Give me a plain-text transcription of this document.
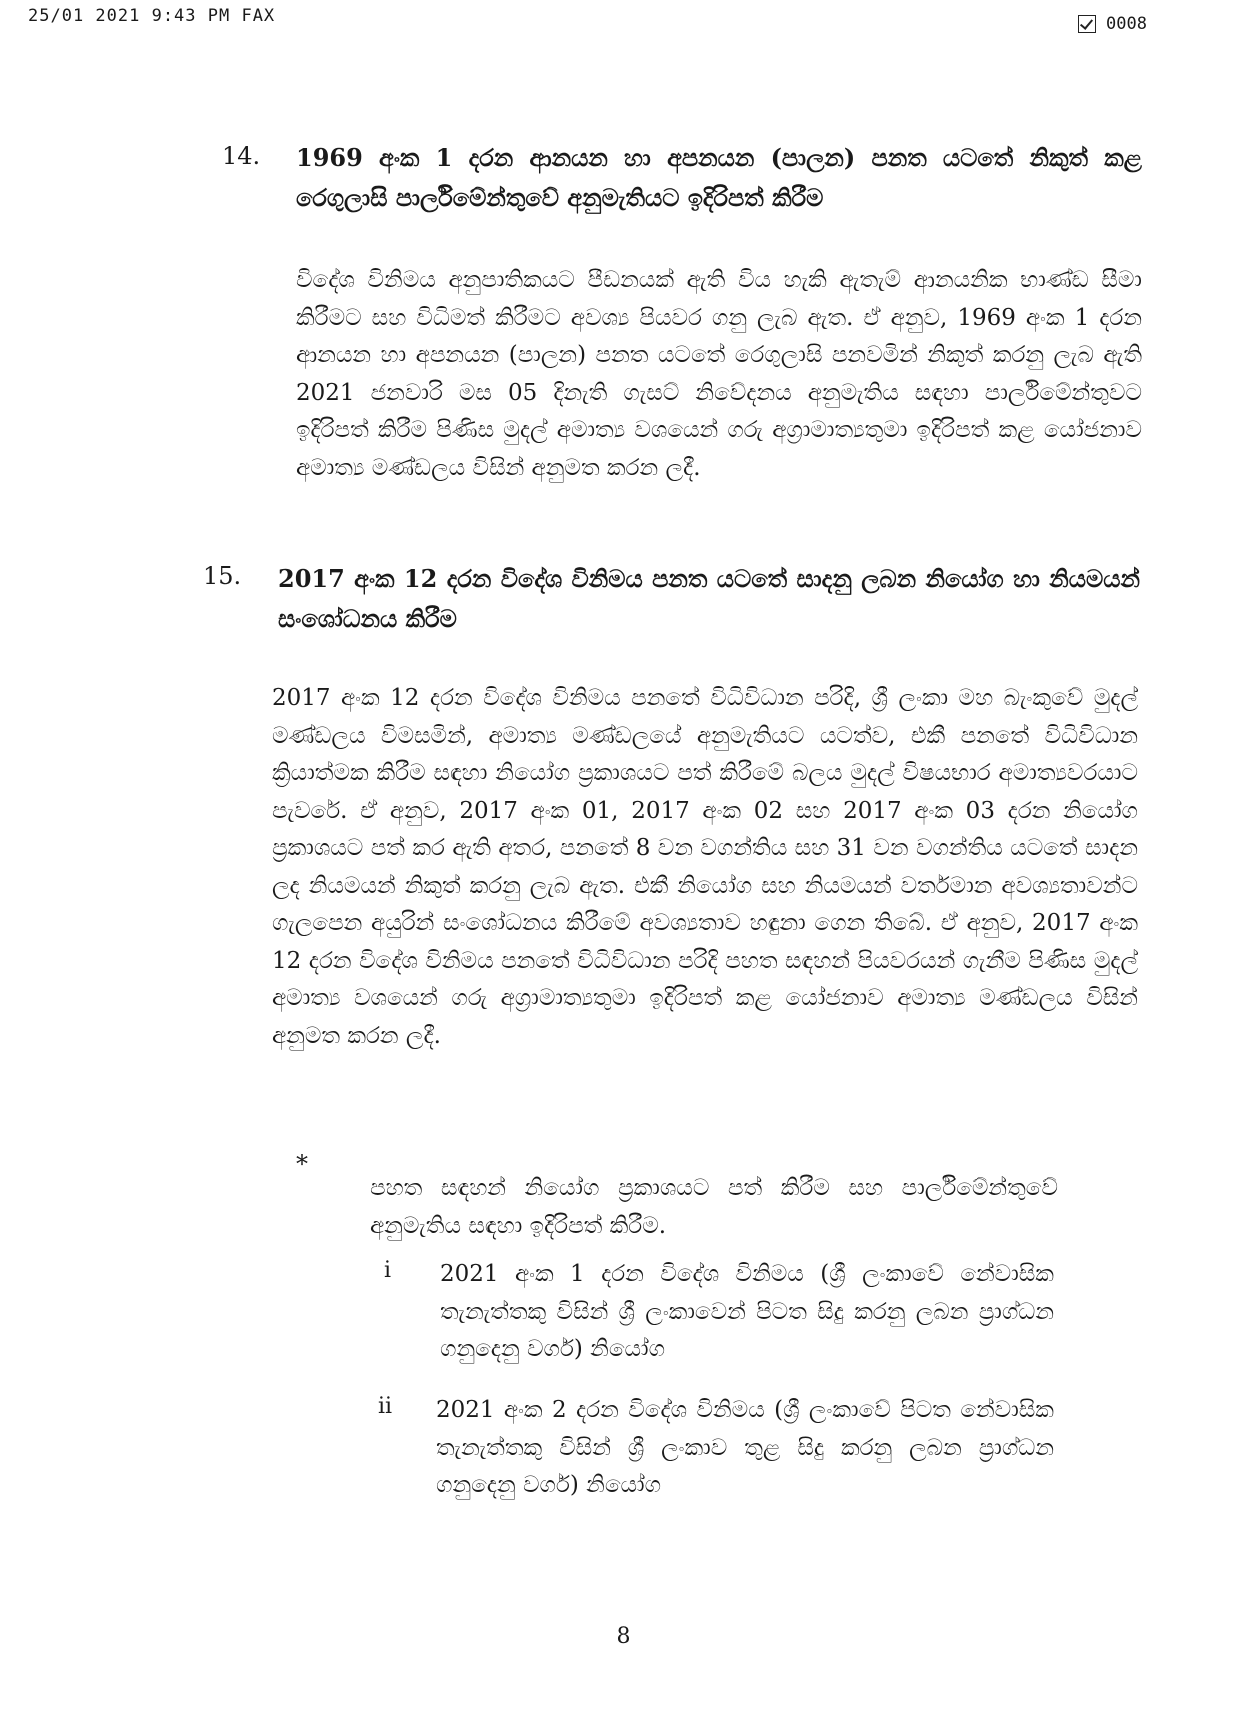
25/01 2021 9:43 PM FAX	0008
14. 1969 අංක 1 දරන ආනයන හා අපනයන (පාලන) පනත යටතේ නිකුත් කළ රෙගුලාසි පාර්ලිමේන්තුවේ අනුමැතියට ඉදිරිපත් කිරීම
විදේශ විනිමය අනුපාතිකයට පීඩනයක් ඇති විය හැකි ඇතැම් ආනයනික භාණ්ඩ සීමා කිරීමට සහ විධිමත් කිරීමට අවශ්‍ය පියවර ගනු ලැබ ඇත. ඒ අනුව, 1969 අංක 1 දරන ආනයන හා අපනයන (පාලන) පනත යටතේ රෙගුලාසි පනවමින් නිකුත් කරනු ලැබ ඇති 2021 ජනවාරි මස 05 දිනැති ගැසට් නිවේදනය අනුමැතිය සඳහා පාර්ලිමේන්තුවට ඉදිරිපත් කිරීම පිණිස මුදල් අමාත්‍ය වශයෙන් ගරු අග්‍රාමාත්‍යතුමා ඉදිරිපත් කළ යෝජනාව අමාත්‍ය මණ්ඩලය විසින් අනුමත කරන ලදී.
15. 2017 අංක 12 දරන විදේශ විනිමය පනත යටතේ සාදනු ලබන නියෝග හා නියමයන් සංශෝධනය කිරීම
2017 අංක 12 දරන විදේශ විනිමය පනතේ විධිවිධාන පරිදි, ශ්‍රී ලංකා මහ බැංකුවේ මුදල් මණ්ඩලය විමසමින්, අමාත්‍ය මණ්ඩලයේ අනුමැතියට යටත්ව, එකී පනතේ විධිවිධාන ක්‍රියාත්මක කිරීම සඳහා නියෝග ප්‍රකාශයට පත් කිරීමේ බලය මුදල් විෂයභාර අමාත්‍යවරයාට පැවරේ. ඒ අනුව, 2017 අංක 01, 2017 අංක 02 සහ 2017 අංක 03 දරන නියෝග ප්‍රකාශයට පත් කර ඇති අතර, පනතේ 8 වන වගන්තිය සහ 31 වන වගන්තිය යටතේ සාදන ලද නියමයන් නිකුත් කරනු ලැබ ඇත. එකී නියෝග සහ නියමයන් වර්තමාන අවශ්‍යතාවන්ට ගැලපෙන අයුරින් සංශෝධනය කිරීමේ අවශ්‍යතාව හඳුනා ගෙන තිබේ. ඒ අනුව, 2017 අංක 12 දරන විදේශ විනිමය පනතේ විධිවිධාන පරිදි පහත සඳහන් පියවරයන් ගැනීම පිණිස මුදල් අමාත්‍ය වශයෙන් ගරු අග්‍රාමාත්‍යතුමා ඉදිරිපත් කළ යෝජනාව අමාත්‍ය මණ්ඩලය විසින් අනුමත කරන ලදී.
*
පහත සඳහන් නියෝග ප්‍රකාශයට පත් කිරීම සහ පාර්ලිමේන්තුවේ අනුමැතිය සඳහා ඉදිරිපත් කිරීම.
i 2021 අංක 1 දරන විදේශ විනිමය (ශ්‍රී ලංකාවේ නේවාසික තැනැත්තකු විසින් ශ්‍රී ලංකාවෙන් පිටත සිදු කරනු ලබන ප්‍රාග්ධන ගනුදෙනු වර්ග) නියෝග
ii 2021 අංක 2 දරන විදේශ විනිමය (ශ්‍රී ලංකාවේ පිටත නේවාසික තැනැත්තකු විසින් ශ්‍රී ලංකාව තුළ සිදු කරනු ලබන ප්‍රාග්ධන ගනුදෙනු වර්ග) නියෝග
8
